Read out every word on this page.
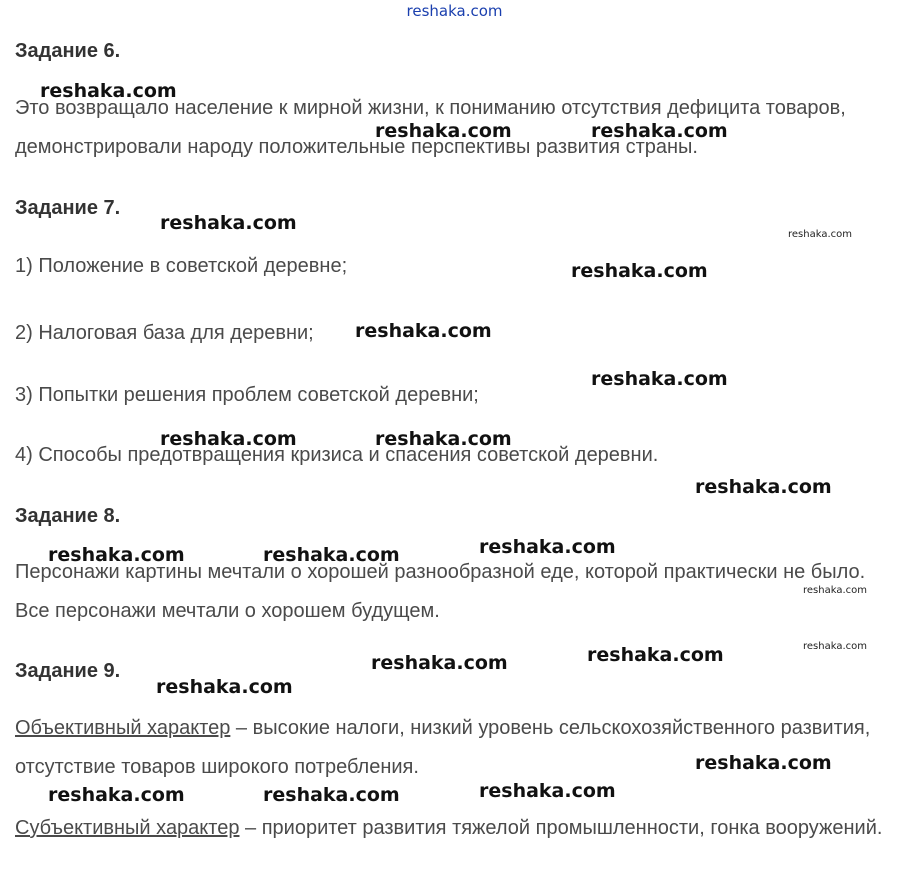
reshaka.com
Задание 6.
Это возвращало население к мирной жизни, к пониманию отсутствия дефицита товаров, демонстрировали народу положительные перспективы развития страны.
Задание 7.
1) Положение в советской деревне;
2) Налоговая база для деревни;
3) Попытки решения проблем советской деревни;
4) Способы предотвращения кризиса и спасения советской деревни.
Задание 8.
Персонажи картины мечтали о хорошей разнообразной еде, которой практически не было. Все персонажи мечтали о хорошем будущем.
Задание 9.
Объективный характер – высокие налоги, низкий уровень сельскохозяйственного развития, отсутствие товаров широкого потребления.
Субъективный характер – приоритет развития тяжелой промышленности, гонка вооружений.
reshaka.com
reshaka.com	reshaka.com
reshaka.com
reshaka.com
reshaka.com
reshaka.com
reshaka.com
reshaka.com	reshaka.com
reshaka.com
reshaka.com
reshaka.com	reshaka.com
reshaka.com
reshaka.com
reshaka.com
reshaka.com
reshaka.com
reshaka.com
reshaka.com
reshaka.com	reshaka.com
